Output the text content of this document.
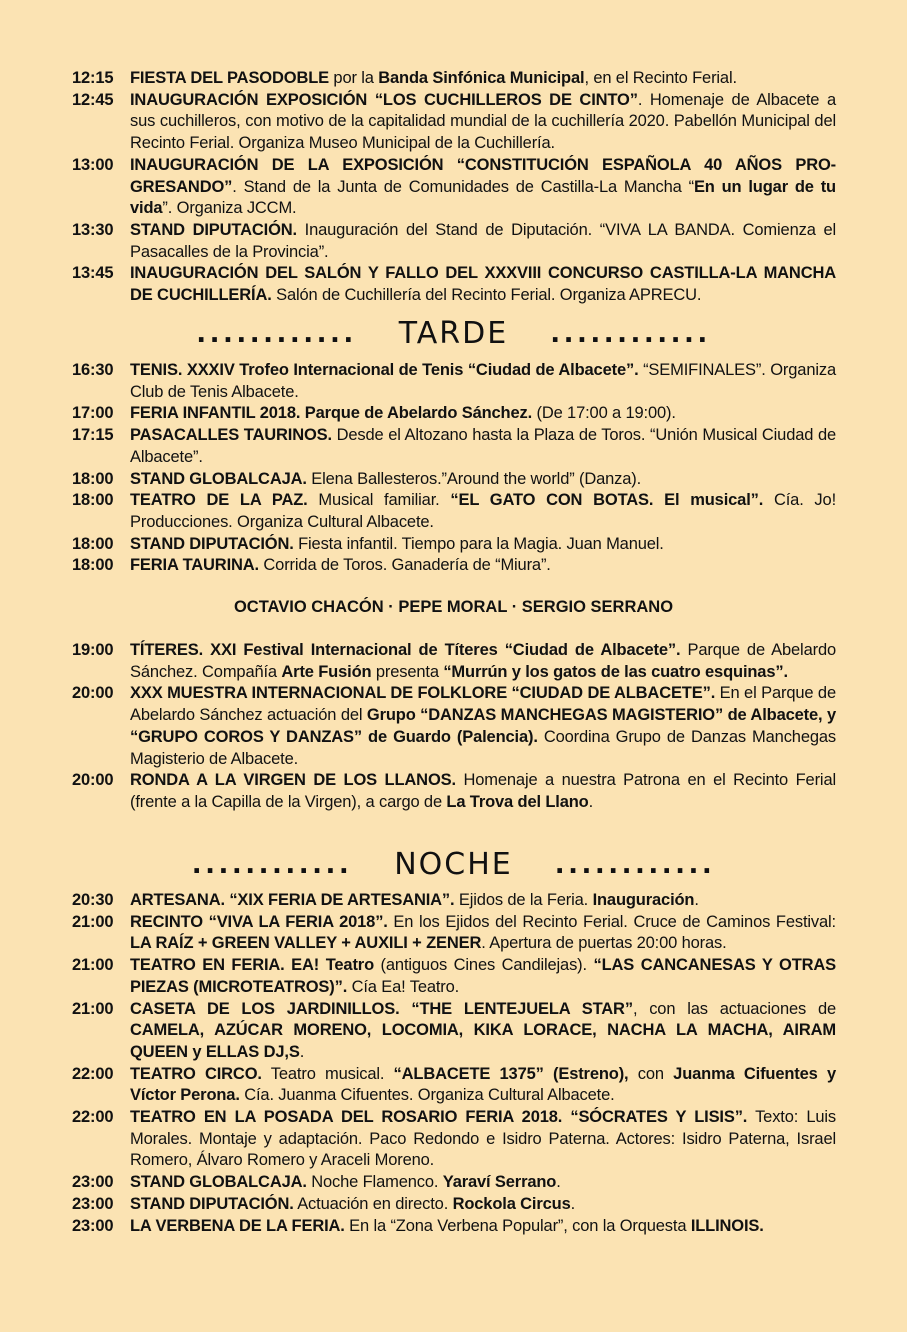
12:15	FIESTA DEL PASODOBLE por la Banda Sinfónica Municipal, en el Recinto Ferial.
12:45	INAUGURACIÓN EXPOSICIÓN “LOS CUCHILLEROS DE CINTO”. Homenaje de Albacete a sus cuchilleros, con motivo de la capitalidad mundial de la cuchillería 2020. Pabellón Municipal del Recinto Ferial. Organiza Museo Municipal de la Cuchillería.
13:00	INAUGURACIÓN DE LA EXPOSICIÓN “CONSTITUCIÓN ESPAÑOLA 40 AÑOS PRO-GRESANDO”. Stand de la Junta de Comunidades de Castilla-La Mancha “En un lugar de tu vida”. Organiza JCCM.
13:30	STAND DIPUTACIÓN. Inauguración del Stand de Diputación. “VIVA LA BANDA. Comienza el Pasacalles de la Provincia”.
13:45	INAUGURACIÓN DEL SALÓN Y FALLO DEL XXXVIII CONCURSO CASTILLA-LA MANCHA DE CUCHILLERÍA. Salón de Cuchillería del Recinto Ferial. Organiza APRECU.
............ TARDE ............
16:30	TENIS. XXXIV Trofeo Internacional de Tenis “Ciudad de Albacete”. “SEMIFINALES”. Organiza Club de Tenis Albacete.
17:00	FERIA INFANTIL 2018. Parque de Abelardo Sánchez. (De 17:00 a 19:00).
17:15	PASACALLES TAURINOS. Desde el Altozano hasta la Plaza de Toros. “Unión Musical Ciudad de Albacete”.
18:00	STAND GLOBALCAJA. Elena Ballesteros.”Around the world” (Danza).
18:00	TEATRO DE LA PAZ. Musical familiar. “EL GATO CON BOTAS. El musical”. Cía. Jo! Producciones. Organiza Cultural Albacete.
18:00	STAND DIPUTACIÓN. Fiesta infantil. Tiempo para la Magia. Juan Manuel.
18:00	FERIA TAURINA. Corrida de Toros. Ganadería de “Miura”.
OCTAVIO CHACÓN · PEPE MORAL · SERGIO SERRANO
19:00	TÍTERES. XXI Festival Internacional de Títeres “Ciudad de Albacete”. Parque de Abelardo Sánchez. Compañía Arte Fusión presenta “Murrún y los gatos de las cuatro esquinas”.
20:00	XXX MUESTRA INTERNACIONAL DE FOLKLORE “CIUDAD DE ALBACETE”. En el Parque de Abelardo Sánchez actuación del Grupo “DANZAS MANCHEGAS MAGISTERIO” de Albacete, y “GRUPO COROS Y DANZAS” de Guardo (Palencia). Coordina Grupo de Danzas Manchegas Magisterio de Albacete.
20:00	RONDA A LA VIRGEN DE LOS LLANOS. Homenaje a nuestra Patrona en el Recinto Ferial (frente a la Capilla de la Virgen), a cargo de La Trova del Llano.
............ NOCHE ............
20:30	ARTESANA. “XIX FERIA DE ARTESANIA”. Ejidos de la Feria. Inauguración.
21:00	RECINTO “VIVA LA FERIA 2018”. En los Ejidos del Recinto Ferial. Cruce de Caminos Festival: LA RAÍZ + GREEN VALLEY + AUXILI + ZENER. Apertura de puertas 20:00 horas.
21:00	TEATRO EN FERIA. EA! Teatro (antiguos Cines Candilejas). “LAS CANCANESAS Y OTRAS PIEZAS (MICROTEATROS)”. Cía Ea! Teatro.
21:00	CASETA DE LOS JARDINILLOS. “THE LENTEJUELA STAR”, con las actuaciones de CAMELA, AZÚCAR MORENO, LOCOMIA, KIKA LORACE, NACHA LA MACHA, AIRAM QUEEN y ELLAS DJ,S.
22:00	TEATRO CIRCO. Teatro musical. “ALBACETE 1375” (Estreno), con Juanma Cifuentes y Víctor Perona. Cía. Juanma Cifuentes. Organiza Cultural Albacete.
22:00	TEATRO EN LA POSADA DEL ROSARIO FERIA 2018. “SÓCRATES Y LISIS”. Texto: Luis Morales. Montaje y adaptación. Paco Redondo e Isidro Paterna. Actores: Isidro Paterna, Israel Romero, Álvaro Romero y Araceli Moreno.
23:00	STAND GLOBALCAJA. Noche Flamenco. Yaraví Serrano.
23:00	STAND DIPUTACIÓN. Actuación en directo. Rockola Circus.
23:00	LA VERBENA DE LA FERIA. En la “Zona Verbena Popular”, con la Orquesta ILLINOIS.
